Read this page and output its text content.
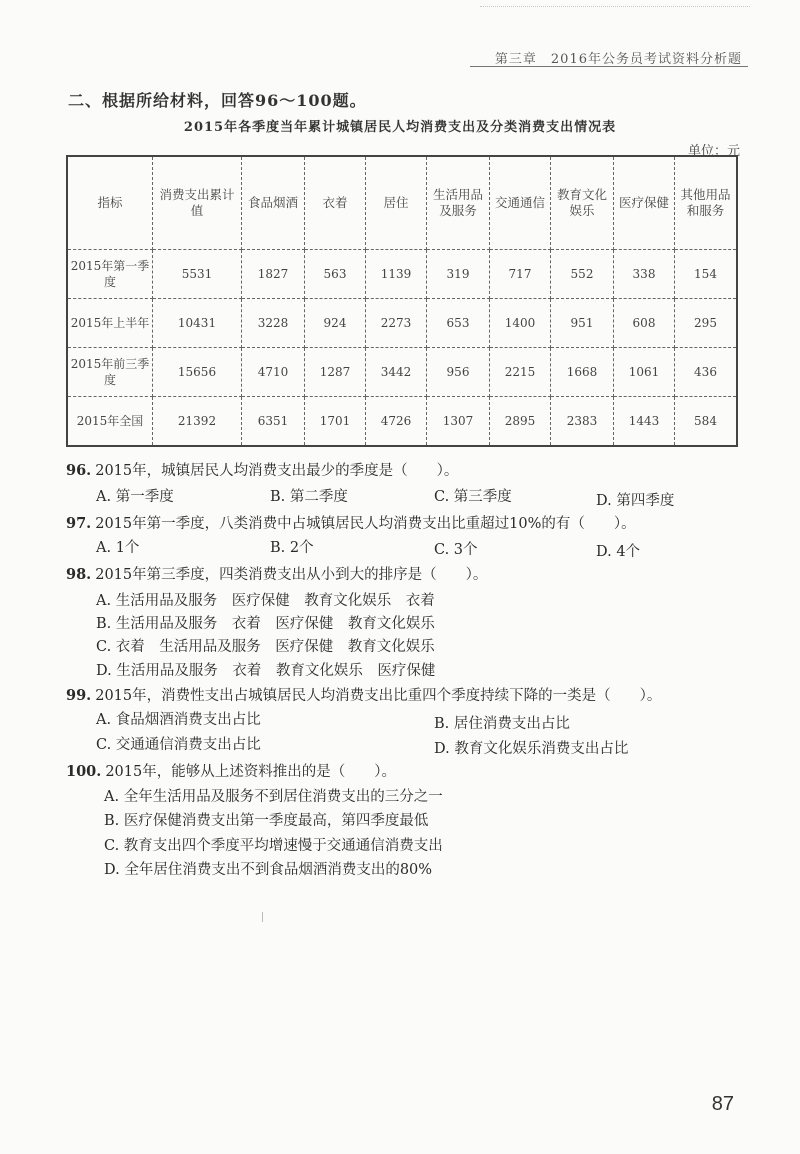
第三章　2016年公务员考试资料分析题
二、根据所给材料，回答96～100题。
2015年各季度当年累计城镇居民人均消费支出及分类消费支出情况表
单位：元
指标	消费支出累计值	食品烟酒	衣着	居住	生活用品及服务	交通通信	教育文化娱乐	医疗保健	其他用品和服务
2015年第一季度	5531	1827	563	1139	319	717	552	338	154
2015年上半年	10431	3228	924	2273	653	1400	951	608	295
2015年前三季度	15656	4710	1287	3442	956	2215	1668	1061	436
2015年全国	21392	6351	1701	4726	1307	2895	2383	1443	584
96. 2015年，城镇居民人均消费支出最少的季度是（　　）。
A. 第一季度	B. 第二季度	C. 第三季度	D. 第四季度
97. 2015年第一季度，八类消费中占城镇居民人均消费支出比重超过10%的有（　　）。
A. 1个	B. 2个	C. 3个	D. 4个
98. 2015年第三季度，四类消费支出从小到大的排序是（　　）。
A. 生活用品及服务　医疗保健　教育文化娱乐　衣着
B. 生活用品及服务　衣着　医疗保健　教育文化娱乐
C. 衣着　生活用品及服务　医疗保健　教育文化娱乐
D. 生活用品及服务　衣着　教育文化娱乐　医疗保健
99. 2015年，消费性支出占城镇居民人均消费支出比重四个季度持续下降的一类是（　　）。
A. 食品烟酒消费支出占比	B. 居住消费支出占比
C. 交通通信消费支出占比	D. 教育文化娱乐消费支出占比
100. 2015年，能够从上述资料推出的是（　　）。
A. 全年生活用品及服务不到居住消费支出的三分之一
B. 医疗保健消费支出第一季度最高，第四季度最低
C. 教育支出四个季度平均增速慢于交通通信消费支出
D. 全年居住消费支出不到食品烟酒消费支出的80%
87
